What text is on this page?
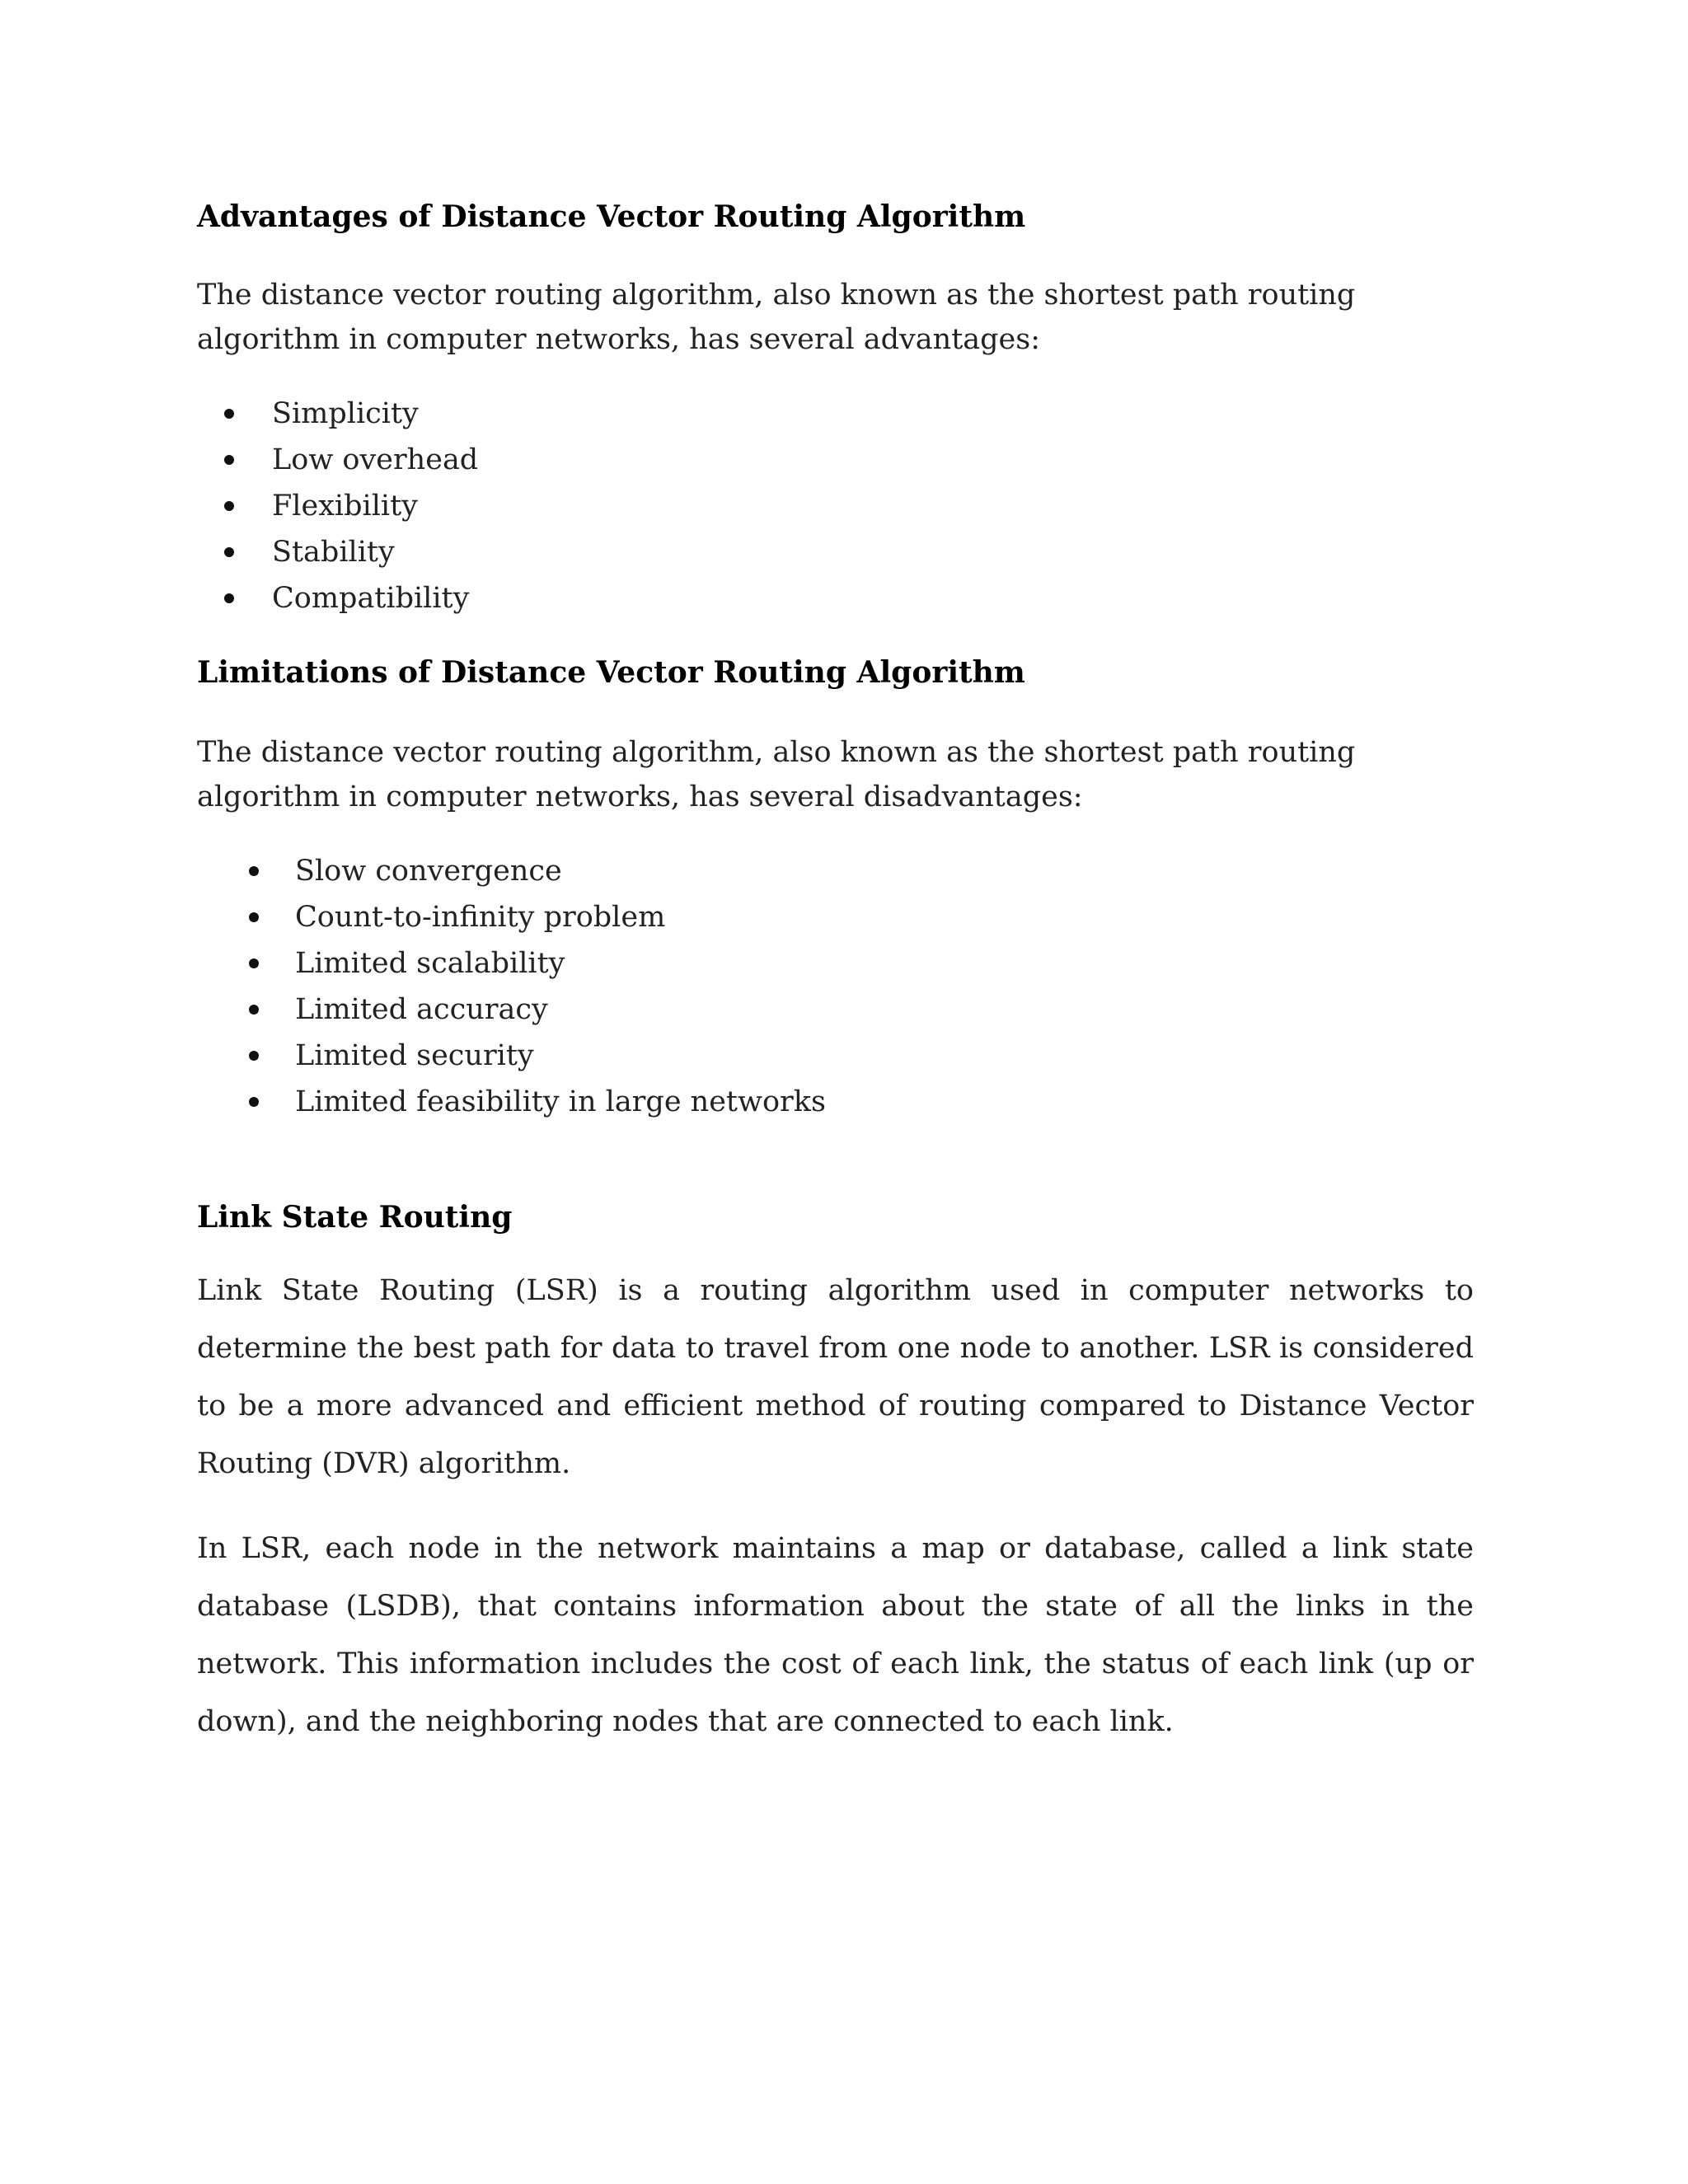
Advantages of Distance Vector Routing Algorithm

The distance vector routing algorithm, also known as the shortest path routing algorithm in computer networks, has several advantages:

Simplicity
Low overhead
Flexibility
Stability
Compatibility
Limitations of Distance Vector Routing Algorithm

The distance vector routing algorithm, also known as the shortest path routing algorithm in computer networks, has several disadvantages:

Slow convergence
Count-to-infinity problem
Limited scalability
Limited accuracy
Limited security
Limited feasibility in large networks
Link State Routing

Link State Routing (LSR) is a routing algorithm used in computer networks to determine the best path for data to travel from one node to another. LSR is considered to be a more advanced and efficient method of routing compared to Distance Vector Routing (DVR) algorithm.

In LSR, each node in the network maintains a map or database, called a link state database (LSDB), that contains information about the state of all the links in the network. This information includes the cost of each link, the status of each link (up or down), and the neighboring nodes that are connected to each link.
